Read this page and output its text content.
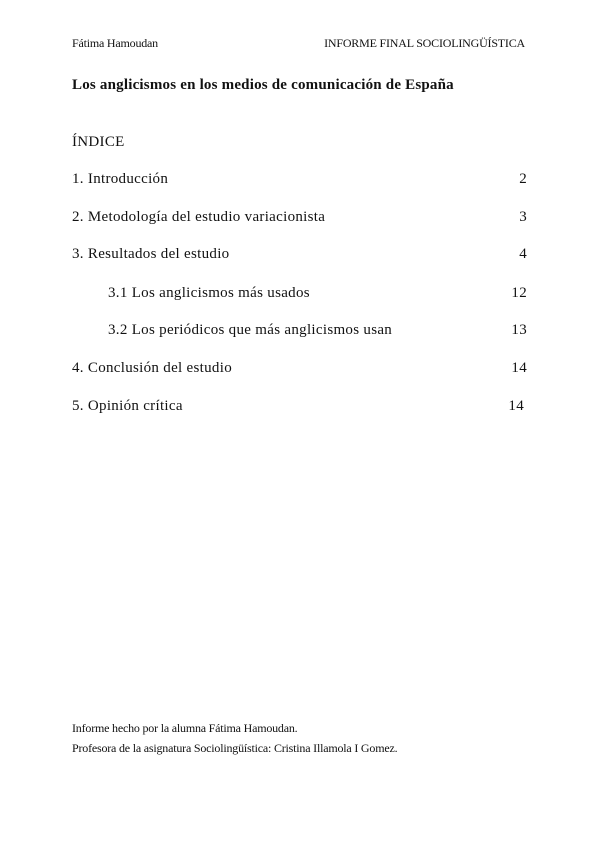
Fátima Hamoudan	INFORME FINAL SOCIOLINGÜÍSTICA
Los anglicismos en los medios de comunicación de España
ÍNDICE
1. Introducción	2
2. Metodología del estudio variacionista	3
3. Resultados del estudio	4
3.1 Los anglicismos más usados	12
3.2 Los periódicos que más anglicismos usan	13
4. Conclusión del estudio	14
5. Opinión crítica	14
Informe hecho por la alumna Fátima Hamoudan.
Profesora de la asignatura Sociolingüística: Cristina Illamola I Gomez.
